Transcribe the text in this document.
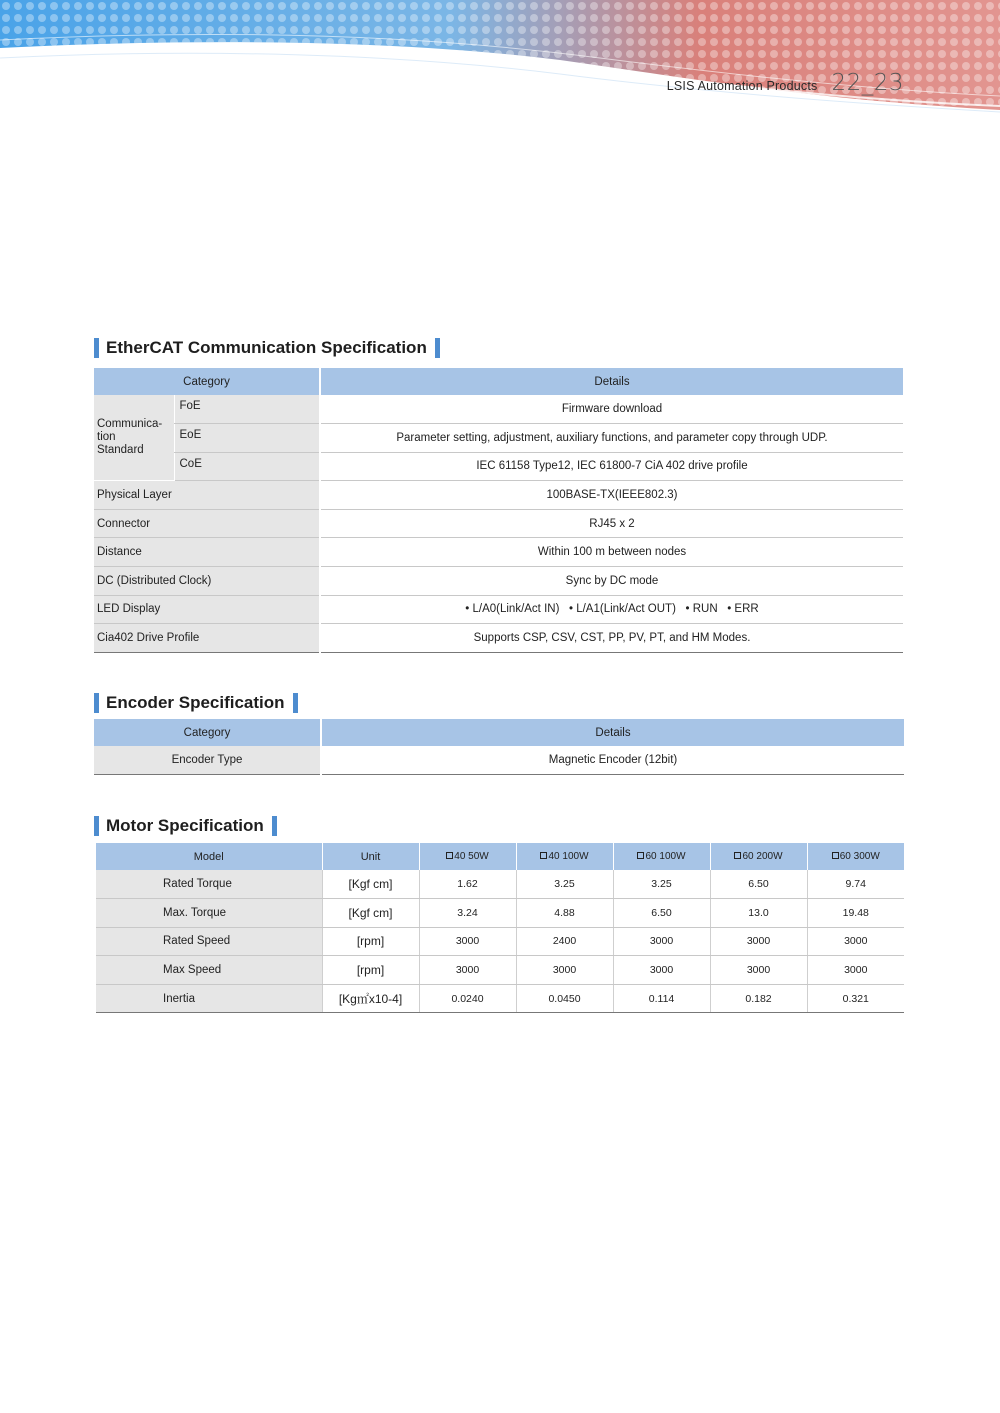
LSIS Automation Products 22_23
EtherCAT Communication Specification
Category		Details
Communica-
tion
Standard	FoE	Firmware download
	EoE	Parameter setting, adjustment, auxiliary functions, and parameter copy through UDP.
	CoE	IEC 61158 Type12, IEC 61800-7 CiA 402 drive profile
Physical Layer		100BASE-TX(IEEE802.3)
Connector		RJ45 x 2
Distance		Within 100 m between nodes
DC (Distributed Clock)		Sync by DC mode
LED Display		• L/A0(Link/Act IN)   • L/A1(Link/Act OUT)   • RUN   • ERR
Cia402 Drive Profile		Supports CSP, CSV, CST, PP, PV, PT, and HM Modes.
Encoder Specification
Category	Details
Encoder Type	Magnetic Encoder (12bit)
Motor Specification
Model	Unit	40 50W	40 100W	60 100W	60 200W	60 300W
Rated Torque	[Kgf cm]	1.62	3.25	3.25	6.50	9.74
Max. Torque	[Kgf cm]	3.24	4.88	6.50	13.0	19.48
Rated Speed	[rpm]	3000	2400	3000	3000	3000
Max Speed	[rpm]	3000	3000	3000	3000	3000
Inertia	[Kg㎡x10-4]	0.0240	0.0450	0.114	0.182	0.321
